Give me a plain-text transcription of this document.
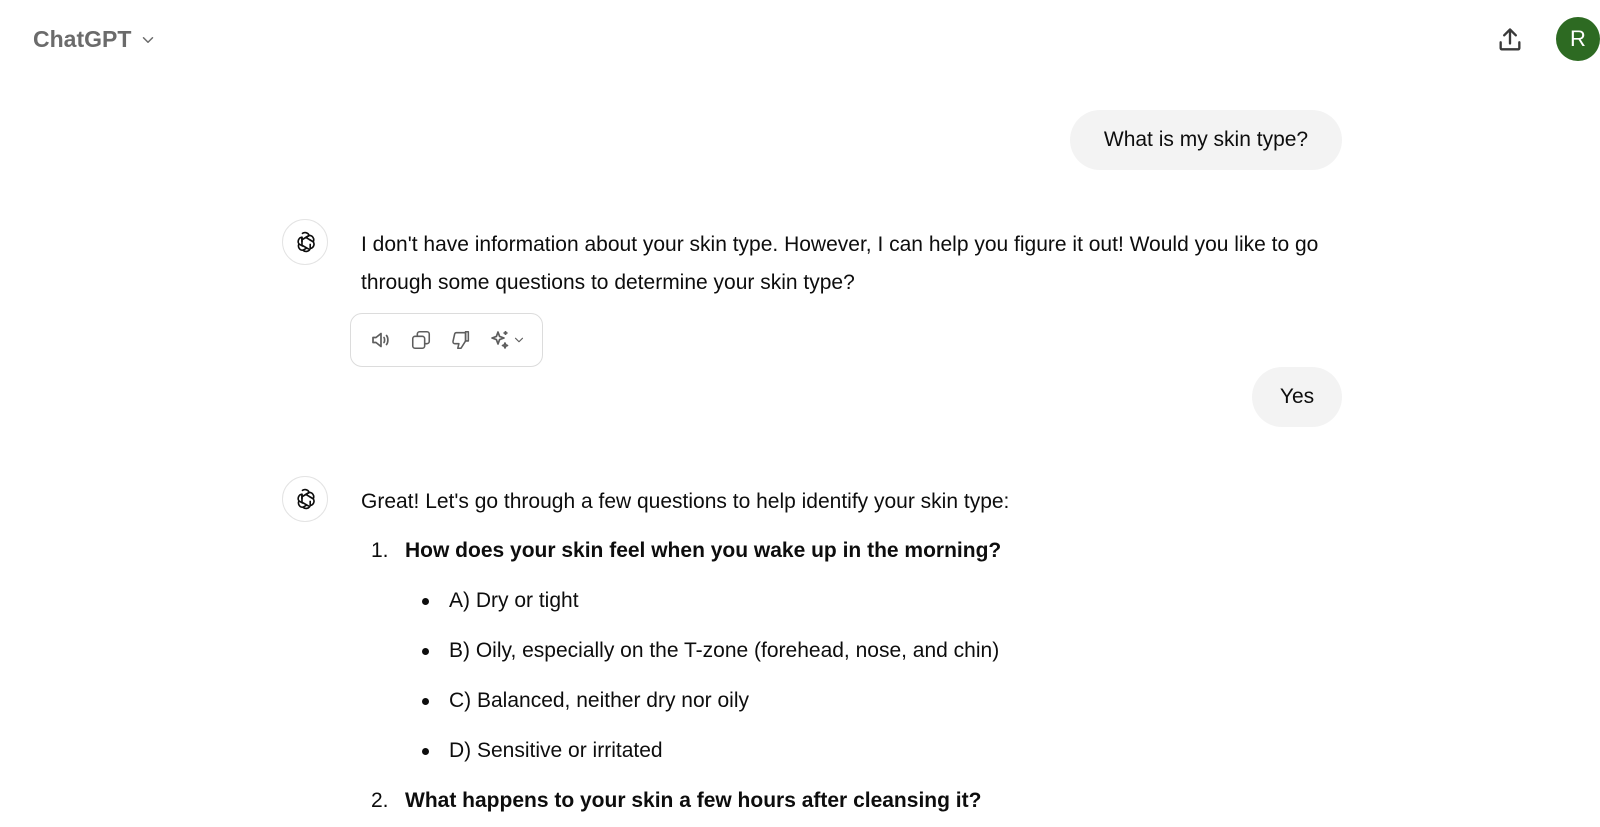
ChatGPT	R
What is my skin type?
I don't have information about your skin type. However, I can help you figure it out! Would you like to go through some questions to determine your skin type?
Yes
Great! Let's go through a few questions to help identify your skin type:
1. How does your skin feel when you wake up in the morning?
A) Dry or tight
B) Oily, especially on the T-zone (forehead, nose, and chin)
C) Balanced, neither dry nor oily
D) Sensitive or irritated
2. What happens to your skin a few hours after cleansing it?
